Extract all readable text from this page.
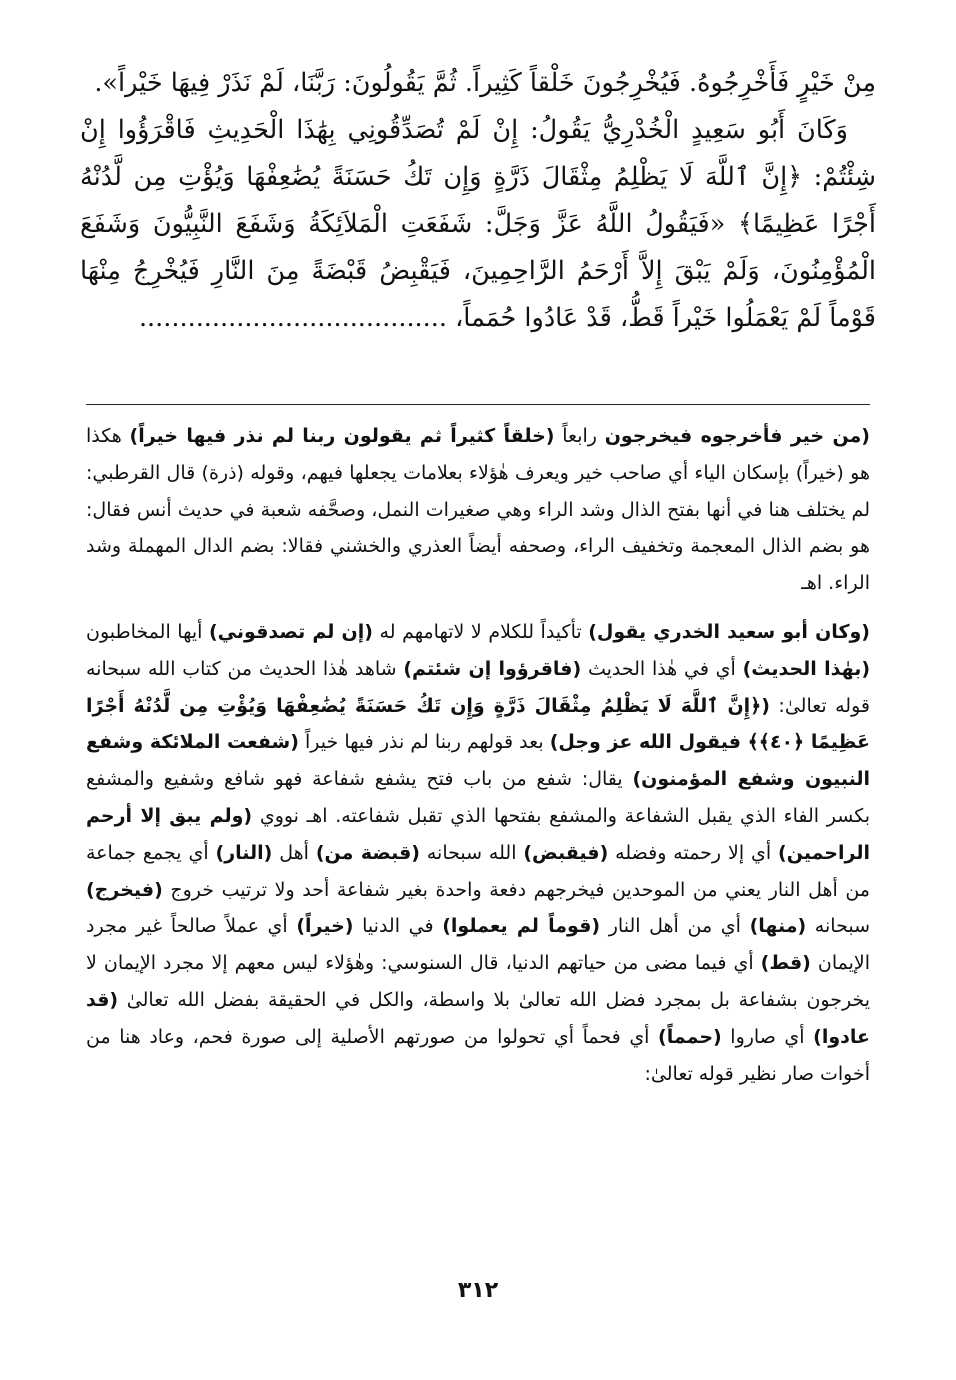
مِنْ خَيْرٍ فَأَخْرِجُوهُ. فَيُخْرِجُونَ خَلْقاً كَثِيراً. ثُمَّ يَقُولُونَ: رَبَّنَا، لَمْ نَذَرْ فِيهَا خَيْراً».

وَكَانَ أَبُو سَعِيدٍ الْخُدْرِيُّ يَقُولُ: إِنْ لَمْ تُصَدِّقُونِي بِهَٰذَا الْحَدِيثِ فَاقْرَؤُوا إِنْ شِئْتُمْ: ﴿إِنَّ ٱللَّهَ لَا يَظْلِمُ مِثْقَالَ ذَرَّةٍ وَإِن تَكُ حَسَنَةً يُضَٰعِفْهَا وَيُؤْتِ مِن لَّدُنْهُ أَجْرًا عَظِيمًا﴾ «فَيَقُولُ اللَّهُ عَزَّ وَجَلَّ: شَفَعَتِ الْمَلاَئِكَةُ وَشَفَعَ النَّبِيُّونَ وَشَفَعَ الْمُؤْمِنُونَ، وَلَمْ يَبْقَ إِلاَّ أَرْحَمُ الرَّاحِمِينَ، فَيَقْبِضُ قَبْضَةً مِنَ النَّارِ فَيُخْرِجُ مِنْهَا قَوْماً لَمْ يَعْمَلُوا خَيْراً قَطُّ، قَدْ عَادُوا حُمَماً، ......................................

(من خير فأخرجوه فيخرجون رابعاً (خلقاً كثيراً ثم يقولون ربنا لم نذر فيها خيراً) هكذا هو (خيراً) بإسكان الياء أي صاحب خير ويعرف هٰؤلاء بعلامات يجعلها فيهم، وقوله (ذرة) قال القرطبي: لم يختلف هنا في أنها بفتح الذال وشد الراء وهي صغيرات النمل، وصحَّفه شعبة في حديث أنس فقال: هو بضم الذال المعجمة وتخفيف الراء، وصحفه أيضاً العذري والخشني فقالا: بضم الدال المهملة وشد الراء. اهـ

(وكان أبو سعيد الخدري يقول) تأكيداً للكلام لا لاتهامهم له (إن لم تصدقوني) أيها المخاطبون (بهٰذا الحديث) أي في هٰذا الحديث (فاقرؤوا إن شئتم) شاهد هٰذا الحديث من كتاب الله سبحانه قوله تعالىٰ: (﴿إِنَّ ٱللَّهَ لَا يَظْلِمُ مِثْقَالَ ذَرَّةٍ وَإِن تَكُ حَسَنَةً يُضَٰعِفْهَا وَيُؤْتِ مِن لَّدُنْهُ أَجْرًا عَظِيمًا ﴿٤٠﴾﴾ فيقول الله عز وجل) بعد قولهم ربنا لم نذر فيها خيراً (شفعت الملائكة وشفع النبيون وشفع المؤمنون) يقال: شفع من باب فتح يشفع شفاعة فهو شافع وشفيع والمشفع بكسر الفاء الذي يقبل الشفاعة والمشفع بفتحها الذي تقبل شفاعته. اهـ نووي (ولم يبق إلا أرحم الراحمين) أي إلا رحمته وفضله (فيقبض) الله سبحانه (قبضة من) أهل (النار) أي يجمع جماعة من أهل النار يعني من الموحدين فيخرجهم دفعة واحدة بغير شفاعة أحد ولا ترتيب خروج (فيخرج) سبحانه (منها) أي من أهل النار (قوماً لم يعملوا) في الدنيا (خيراً) أي عملاً صالحاً غير مجرد الإيمان (قط) أي فيما مضى من حياتهم الدنيا، قال السنوسي: وهٰؤلاء ليس معهم إلا مجرد الإيمان لا يخرجون بشفاعة بل بمجرد فضل الله تعالىٰ بلا واسطة، والكل في الحقيقة بفضل الله تعالىٰ (قد عادوا) أي صاروا (حمماً) أي فحماً أي تحولوا من صورتهم الأصلية إلى صورة فحم، وعاد هنا من أخوات صار نظير قوله تعالىٰ:

٣١٢
